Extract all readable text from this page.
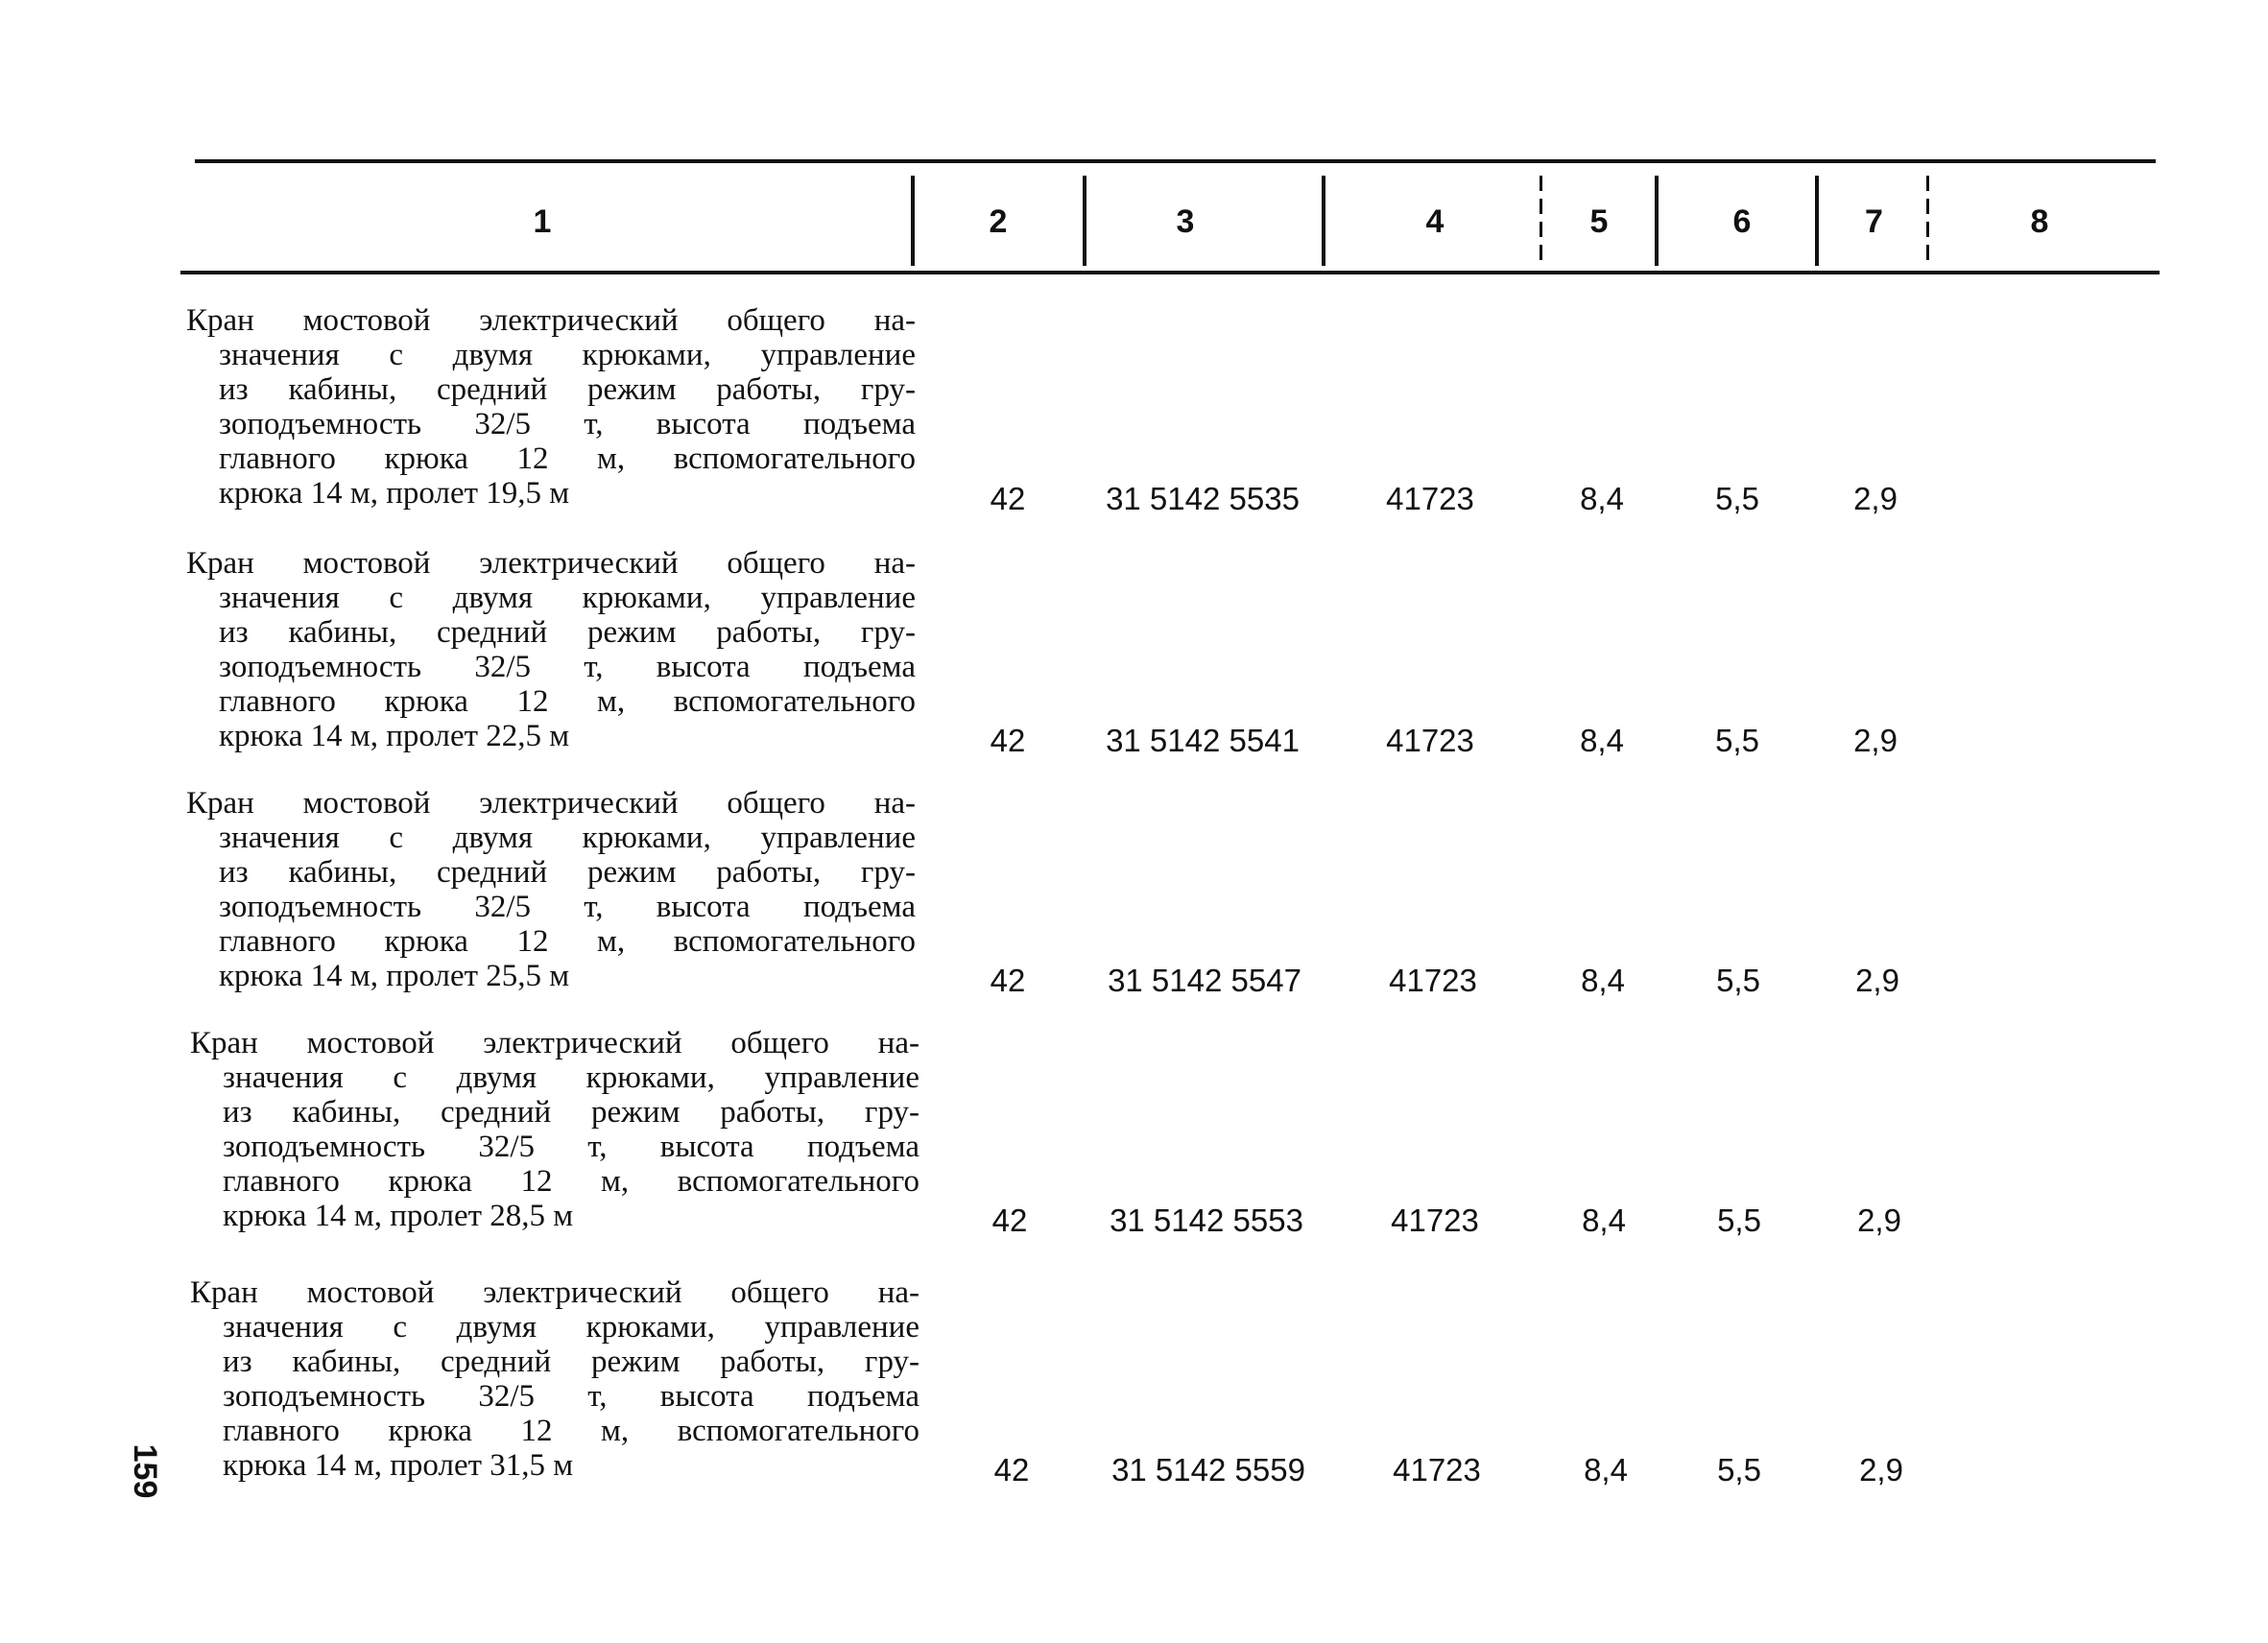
1	2	3	4	5	6	7	8
Кран мостовой электрический общего на-
значения с двумя крюками, управление
из кабины, средний режим работы, гру-
зоподъемность 32/5 т, высота подъема
главного крюка 12 м, вспомогательного
крюка 14 м, пролет 19,5 м	42	31 5142 5535	41723	8,4	5,5	2,9
Кран мостовой электрический общего на-
значения с двумя крюками, управление
из кабины, средний режим работы, гру-
зоподъемность 32/5 т, высота подъема
главного крюка 12 м, вспомогательного
крюка 14 м, пролет 22,5 м	42	31 5142 5541	41723	8,4	5,5	2,9
Кран мостовой электрический общего на-
значения с двумя крюками, управление
из кабины, средний режим работы, гру-
зоподъемность 32/5 т, высота подъема
главного крюка 12 м, вспомогательного
крюка 14 м, пролет 25,5 м	42	31 5142 5547	41723	8,4	5,5	2,9
Кран мостовой электрический общего на-
значения с двумя крюками, управление
из кабины, средний режим работы, гру-
зоподъемность 32/5 т, высота подъема
главного крюка 12 м, вспомогательного
крюка 14 м, пролет 28,5 м	42	31 5142 5553	41723	8,4	5,5	2,9
Кран мостовой электрический общего на-
значения с двумя крюками, управление
из кабины, средний режим работы, гру-
зоподъемность 32/5 т, высота подъема
главного крюка 12 м, вспомогательного
крюка 14 м, пролет 31,5 м	42	31 5142 5559	41723	8,4	5,5	2,9
159
